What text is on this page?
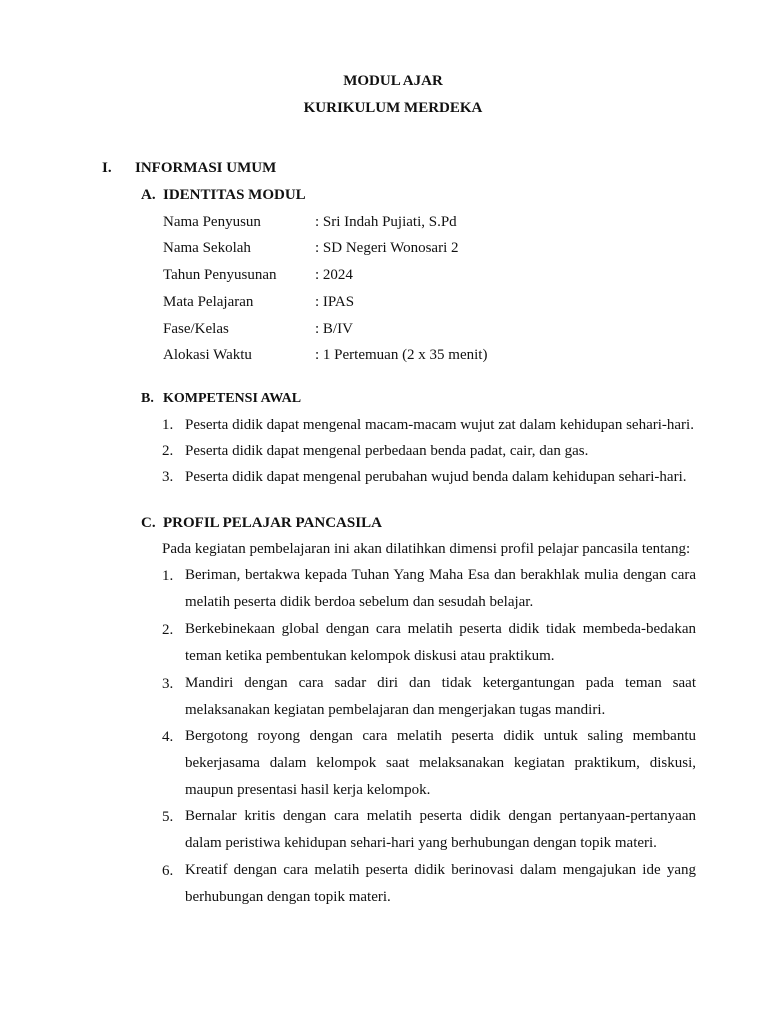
MODUL AJAR
KURIKULUM MERDEKA
I. INFORMASI UMUM
A. IDENTITAS MODUL
Nama Penyusun	: Sri Indah Pujiati, S.Pd
Nama Sekolah	: SD Negeri Wonosari 2
Tahun Penyusunan	: 2024
Mata Pelajaran	: IPAS
Fase/Kelas	: B/IV
Alokasi Waktu	: 1 Pertemuan (2 x 35 menit)
B. KOMPETENSI AWAL
1. Peserta didik dapat mengenal macam-macam wujut zat dalam kehidupan sehari-hari.
2. Peserta didik dapat mengenal perbedaan benda padat, cair, dan gas.
3. Peserta didik dapat mengenal perubahan wujud benda dalam kehidupan sehari-hari.
C. PROFIL PELAJAR PANCASILA
Pada kegiatan pembelajaran ini akan dilatihkan dimensi profil pelajar pancasila tentang:
1. Beriman, bertakwa kepada Tuhan Yang Maha Esa dan berakhlak mulia dengan cara melatih peserta didik berdoa sebelum dan sesudah belajar.
2. Berkebinekaan global dengan cara melatih peserta didik tidak membeda-bedakan teman ketika pembentukan kelompok diskusi atau praktikum.
3. Mandiri dengan cara sadar diri dan tidak ketergantungan pada teman saat melaksanakan kegiatan pembelajaran dan mengerjakan tugas mandiri.
4. Bergotong royong dengan cara melatih peserta didik untuk saling membantu bekerjasama dalam kelompok saat melaksanakan kegiatan praktikum, diskusi, maupun presentasi hasil kerja kelompok.
5. Bernalar kritis dengan cara melatih peserta didik dengan pertanyaan-pertanyaan dalam peristiwa kehidupan sehari-hari yang berhubungan dengan topik materi.
6. Kreatif dengan cara melatih peserta didik berinovasi dalam mengajukan ide yang berhubungan dengan topik materi.
